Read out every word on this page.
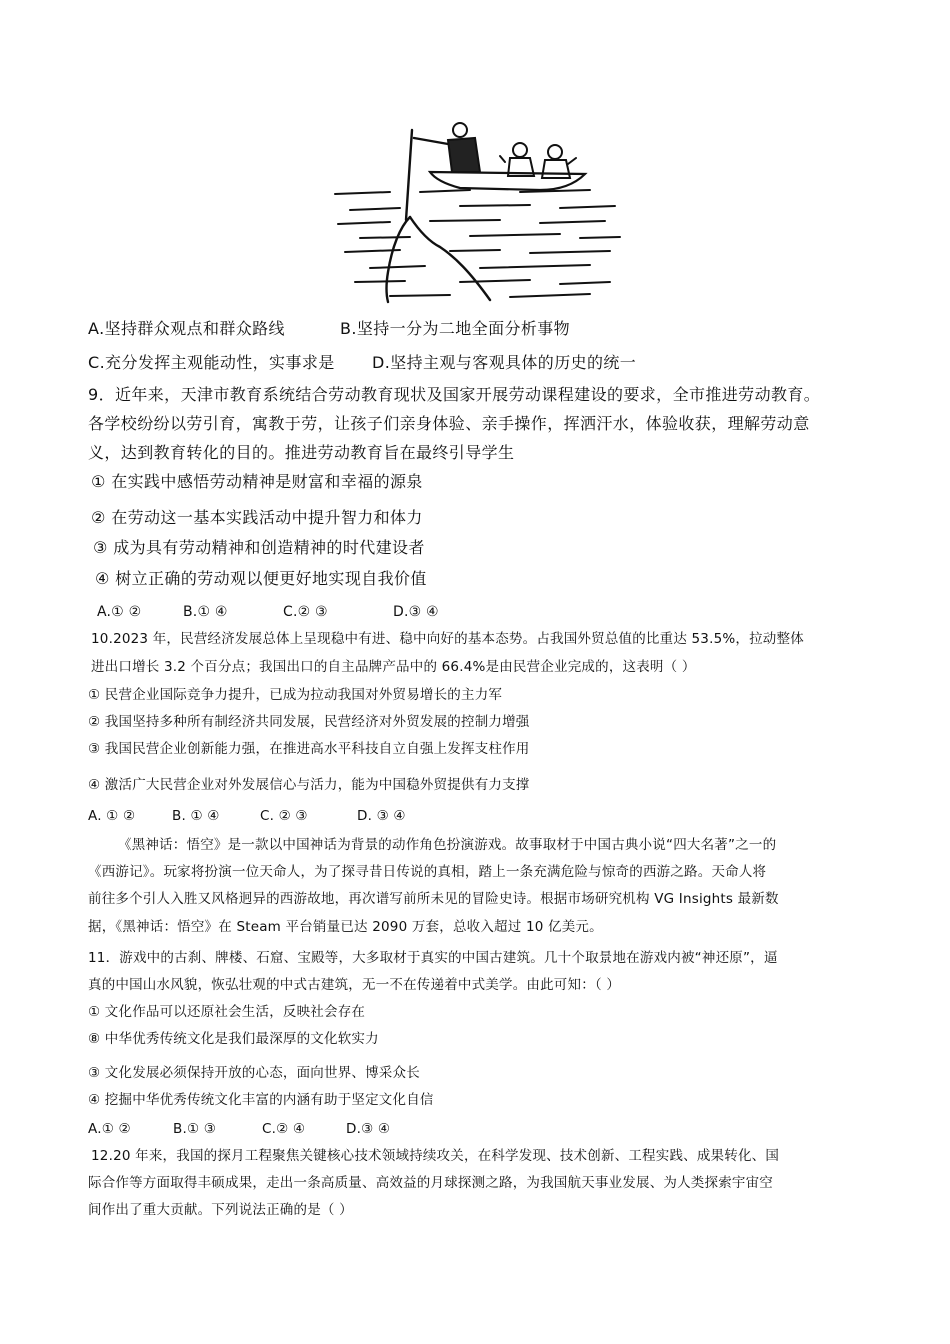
A.坚持群众观点和群众路线	B.坚持一分为二地全面分析事物
C.充分发挥主观能动性，实事求是 D.坚持主观与客观具体的历史的统一
9．近年来，天津市教育系统结合劳动教育现状及国家开展劳动课程建设的要求，全市推进劳动教育。
各学校纷纷以劳引育，寓教于劳，让孩子们亲身体验、亲手操作，挥洒汗水，体验收获，理解劳动意
义，达到教育转化的目的。推进劳动教育旨在最终引导学生
① 在实践中感悟劳动精神是财富和幸福的源泉
② 在劳动这一基本实践活动中提升智力和体力
③ 成为具有劳动精神和创造精神的时代建设者
④ 树立正确的劳动观以便更好地实现自我价值
A.① ②	B.① ④	C.② ③	D.③ ④
10.2023 年，民营经济发展总体上呈现稳中有进、稳中向好的基本态势。占我国外贸总值的比重达 53.5%，拉动整体
进出口增长 3.2 个百分点；我国出口的自主品牌产品中的 66.4%是由民营企业完成的，这表明（ ）
① 民营企业国际竞争力提升，已成为拉动我国对外贸易增长的主力军
② 我国坚持多种所有制经济共同发展，民营经济对外贸发展的控制力增强
③ 我国民营企业创新能力强，在推进高水平科技自立自强上发挥支柱作用
④ 激活广大民营企业对外发展信心与活力，能为中国稳外贸提供有力支撑
A. ① ②	B. ① ④	C. ② ③	D. ③ ④
《黑神话：悟空》是一款以中国神话为背景的动作角色扮演游戏。故事取材于中国古典小说“四大名著”之一的
《西游记》。玩家将扮演一位天命人，为了探寻昔日传说的真相，踏上一条充满危险与惊奇的西游之路。天命人将
前往多个引人入胜又风格迥异的西游故地，再次谱写前所未见的冒险史诗。根据市场研究机构 VG Insights 最新数
据，《黑神话：悟空》在 Steam 平台销量已达 2090 万套，总收入超过 10 亿美元。
11．游戏中的古刹、牌楼、石窟、宝殿等，大多取材于真实的中国古建筑。几十个取景地在游戏内被“神还原”，逼
真的中国山水风貌，恢弘壮观的中式古建筑，无一不在传递着中式美学。由此可知：（ ）
① 文化作品可以还原社会生活，反映社会存在
⑧ 中华优秀传统文化是我们最深厚的文化软实力
③ 文化发展必须保持开放的心态，面向世界、博采众长
④ 挖掘中华优秀传统文化丰富的内涵有助于坚定文化自信
A.① ②	B.① ③	C.② ④	D.③ ④
12.20 年来，我国的探月工程聚焦关键核心技术领域持续攻关，在科学发现、技术创新、工程实践、成果转化、国
际合作等方面取得丰硕成果，走出一条高质量、高效益的月球探测之路，为我国航天事业发展、为人类探索宇宙空
间作出了重大贡献。下列说法正确的是（ ）
